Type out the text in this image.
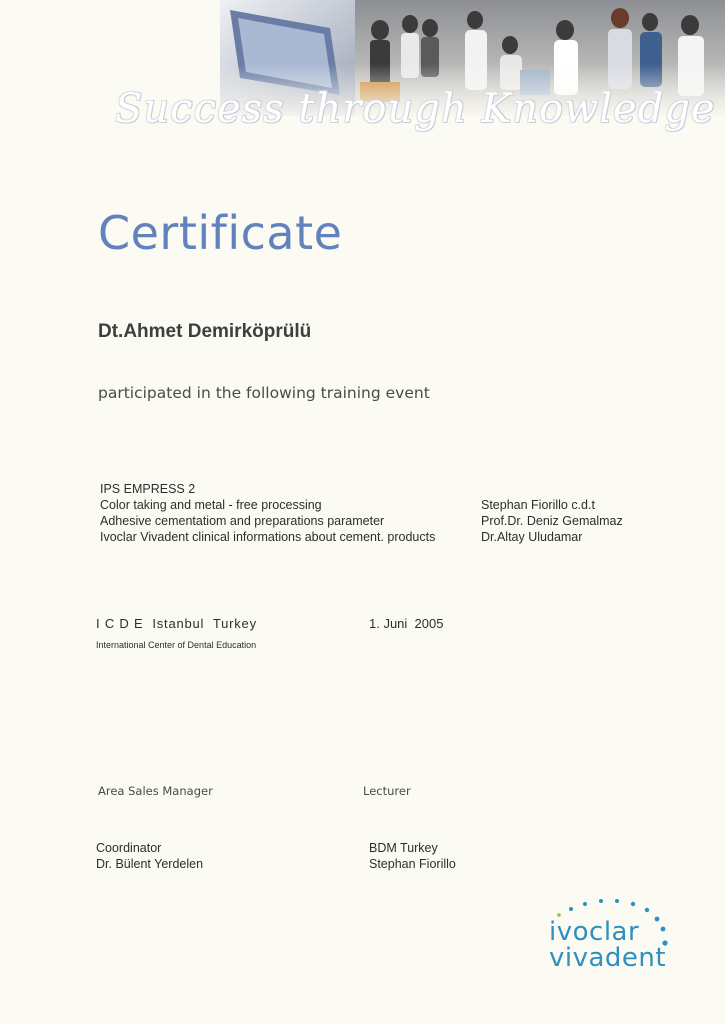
Success through Knowledge
Certificate
Dt.Ahmet Demirköprülü
participated in the following training event
IPS EMPRESS 2
Color taking and metal - free processing
Adhesive cementatiom and preparations parameter
Ivoclar Vivadent clinical informations about cement. products
Stephan Fiorillo c.d.t
Prof.Dr. Deniz Gemalmaz
Dr.Altay Uludamar
I C D E  Istanbul  Turkey
International Center of Dental Education
1. Juni  2005
Area Sales Manager	Lecturer
Coordinator
Dr. Bülent Yerdelen
BDM Turkey
Stephan Fiorillo
ivoclar
vivadent
